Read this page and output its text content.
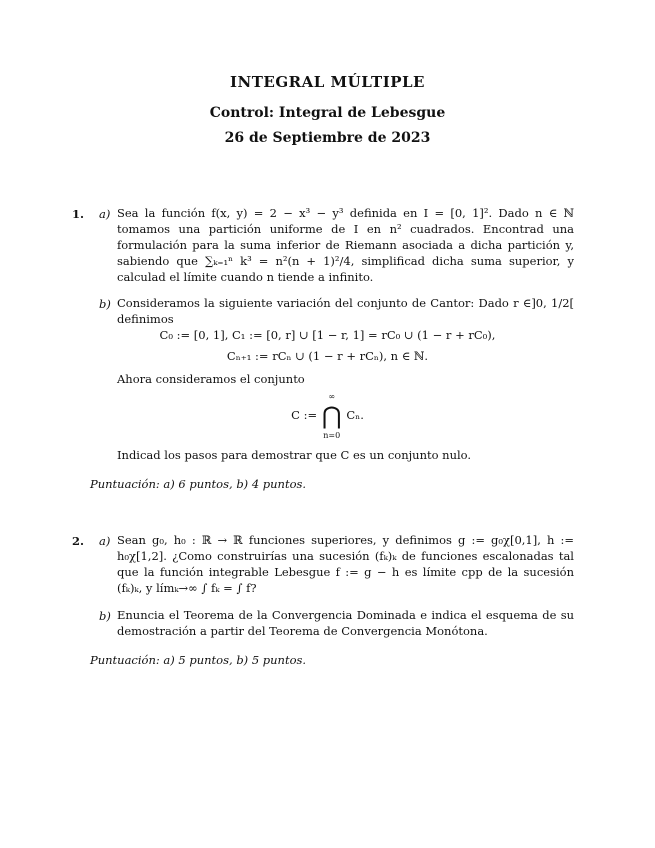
INTEGRAL MÚLTIPLE
Control: Integral de Lebesgue
26 de Septiembre de 2023
1. a) Sea la función f(x, y) = 2 − x³ − y³ definida en I = [0, 1]². Dado n ∈ ℕ tomamos una partición uniforme de I en n² cuadrados. Encontrad una formulación para la suma inferior de Riemann asociada a dicha partición y, sabiendo que ∑ₖ₌₁ⁿ k³ = n²(n + 1)²/4, simplificad dicha suma superior, y calculad el límite cuando n tiende a infinito.
b) Consideramos la siguiente variación del conjunto de Cantor: Dado r ∈]0, 1/2[ definimos
C₀ := [0, 1], C₁ := [0, r] ∪ [1 − r, 1] = rC₀ ∪ (1 − r + rC₀),
Cₙ₊₁ := rCₙ ∪ (1 − r + rCₙ), n ∈ ℕ.
Ahora consideramos el conjunto
C :=
∞
⋂
n=0
Cₙ.
Indicad los pasos para demostrar que C es un conjunto nulo.
Puntuación: a) 6 puntos, b) 4 puntos.
2. a) Sean g₀, h₀ : ℝ → ℝ funciones superiores, y definimos g := g₀χ[0,1], h := h₀χ[1,2]. ¿Como construirías una sucesión (fₖ)ₖ de funciones escalonadas tal que la función integrable Lebesgue f := g − h es límite cpp de la sucesión (fₖ)ₖ, y límₖ→∞ ∫ fₖ = ∫ f?
b) Enuncia el Teorema de la Convergencia Dominada e indica el esquema de su demostración a partir del Teorema de Convergencia Monótona.
Puntuación: a) 5 puntos, b) 5 puntos.
